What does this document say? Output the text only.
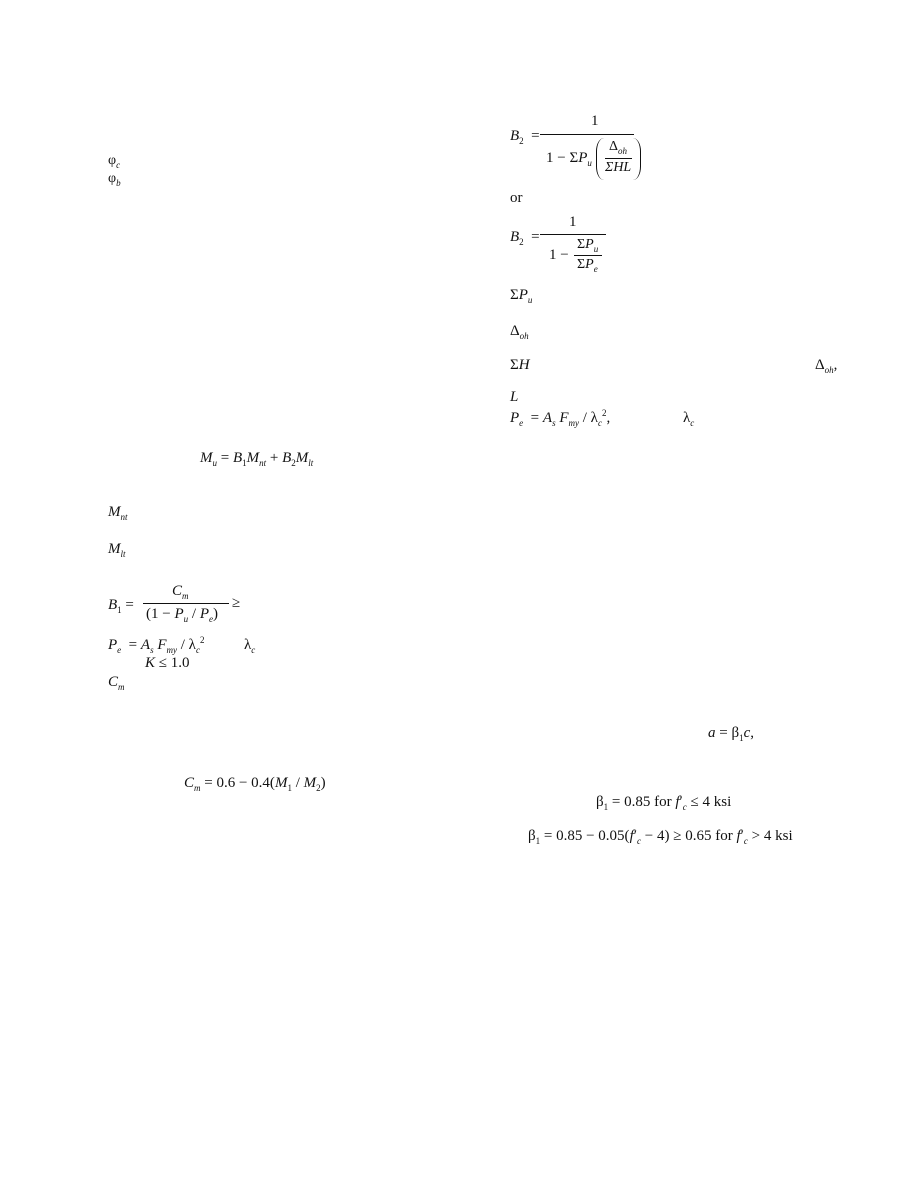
$\varphi_c$
$\varphi_b$
$M_u = B_1M_{nt} + B_2M_{lt}$
$M_{nt}$
$M_{lt}$
$B_1$ =
$C_m$
$(1 - P_u / P_e)$
≥
$P_e = A_s$ $F_{my} / \lambda_c^2$	$\lambda_c$
K ≤ 1.0
$C_m$
$C_m = 0.6 - 0.4(M_1 / M_2)$
$B_2$  =
1
$1 - \Sigma P_u$
$\Delta_{oh}$
ΣHL
or
$B_2$  =
1
1 −
$\Sigma P_u$
$\Sigma P_e$
$\Sigma P_u$
$\Delta_{oh}$
ΣH	$\Delta_{oh}$,
L
$P_e = A_s$ $F_{my} / \lambda_c^2$,	$\lambda_c$
$a = \beta_1c$,
$\beta_1 = 0.85$ for $f'_c \le 4$ ksi
$\beta_1 = 0.85 - 0.05(f'_c - 4) \ge 0.65$ for $f'_c > 4$ ksi
